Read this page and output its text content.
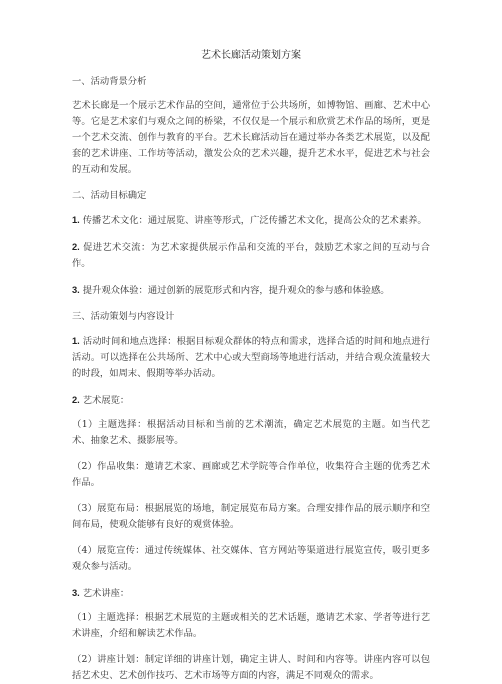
艺术长廊活动策划方案
一、活动背景分析
艺术长廊是一个展示艺术作品的空间，通常位于公共场所，如博物馆、画廊、艺术中心等。它是艺术家们与观众之间的桥梁，不仅仅是一个展示和欣赏艺术作品的场所，更是一个艺术交流、创作与教育的平台。艺术长廊活动旨在通过举办各类艺术展览，以及配套的艺术讲座、工作坊等活动，激发公众的艺术兴趣，提升艺术水平，促进艺术与社会的互动和发展。
二、活动目标确定
1. 传播艺术文化：通过展览、讲座等形式，广泛传播艺术文化，提高公众的艺术素养。
2. 促进艺术交流：为艺术家提供展示作品和交流的平台，鼓励艺术家之间的互动与合作。
3. 提升观众体验：通过创新的展览形式和内容，提升观众的参与感和体验感。
三、活动策划与内容设计
1. 活动时间和地点选择：根据目标观众群体的特点和需求，选择合适的时间和地点进行活动。可以选择在公共场所、艺术中心或大型商场等地进行活动，并结合观众流量较大的时段，如周末、假期等举办活动。
2. 艺术展览：
（1）主题选择：根据活动目标和当前的艺术潮流，确定艺术展览的主题。如当代艺术、抽象艺术、摄影展等。
（2）作品收集：邀请艺术家、画廊或艺术学院等合作单位，收集符合主题的优秀艺术作品。
（3）展览布局：根据展览的场地，制定展览布局方案。合理安排作品的展示顺序和空间布局，使观众能够有良好的观赏体验。
（4）展览宣传：通过传统媒体、社交媒体、官方网站等渠道进行展览宣传，吸引更多观众参与活动。
3. 艺术讲座：
（1）主题选择：根据艺术展览的主题或相关的艺术话题，邀请艺术家、学者等进行艺术讲座，介绍和解读艺术作品。
（2）讲座计划：制定详细的讲座计划，确定主讲人、时间和内容等。讲座内容可以包括艺术史、艺术创作技巧、艺术市场等方面的内容，满足不同观众的需求。
